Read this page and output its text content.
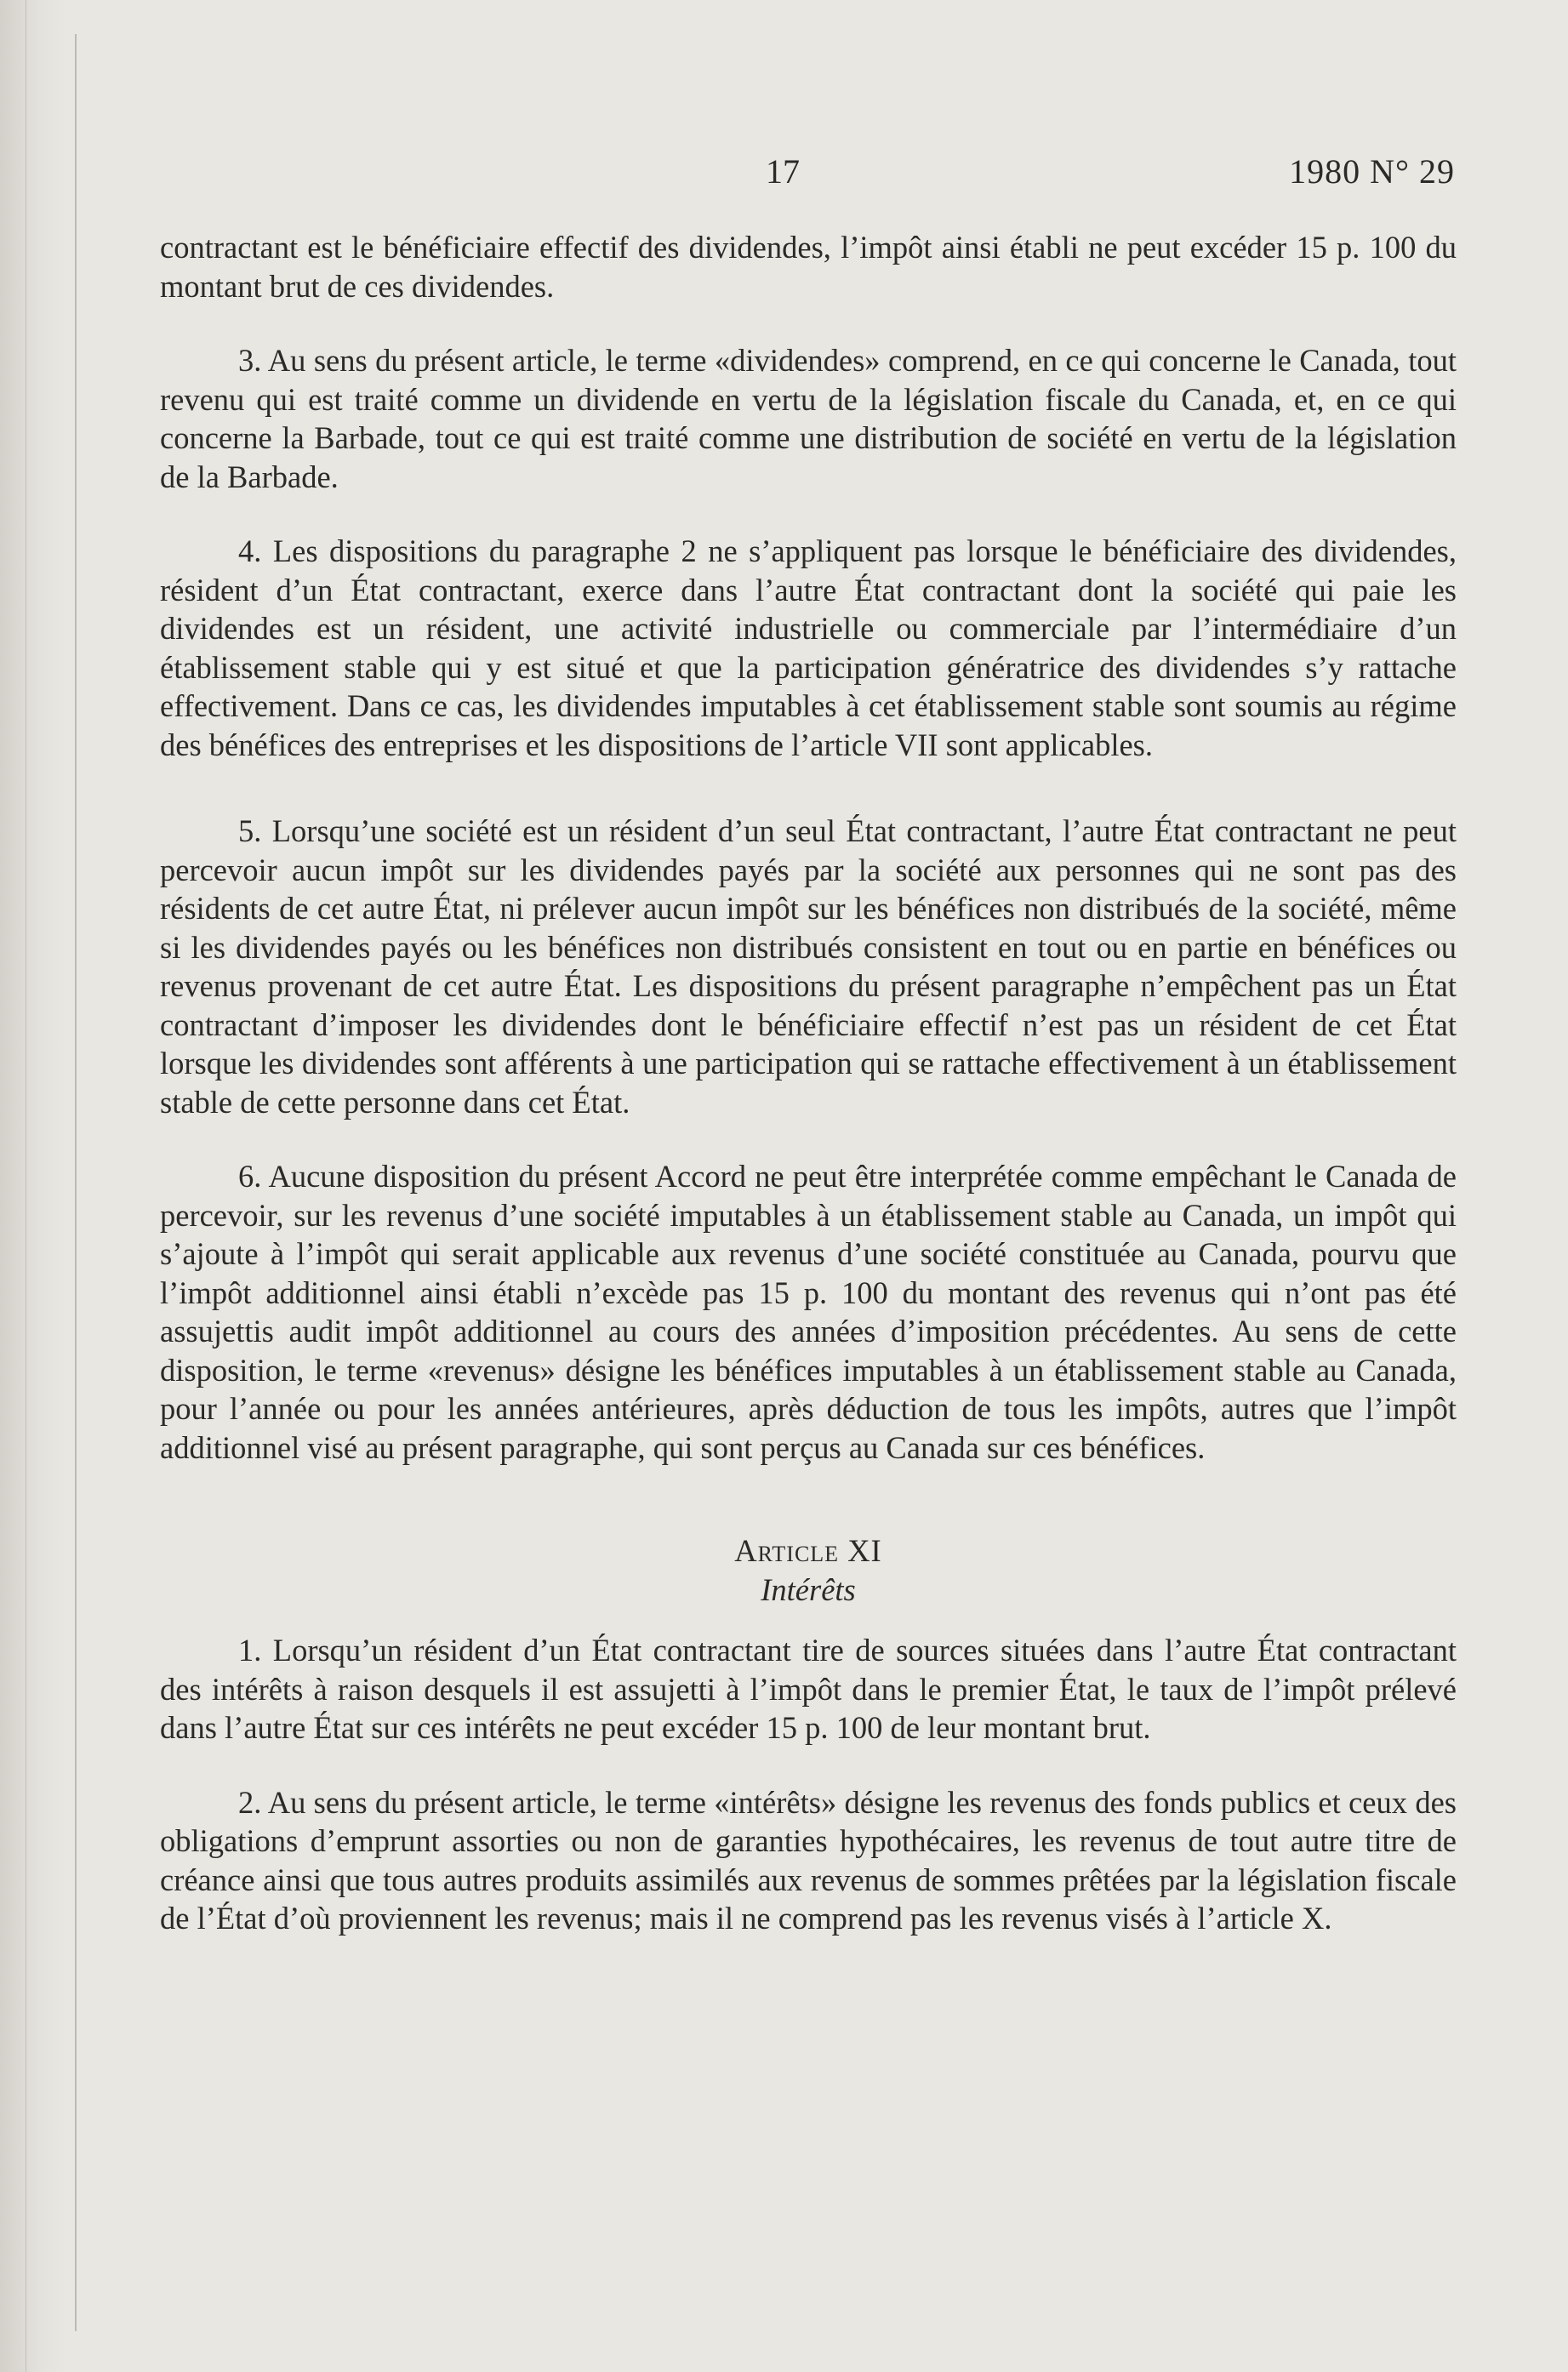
17	1980 N° 29

contractant est le bénéficiaire effectif des dividendes, l’impôt ainsi établi ne peut excéder 15 p. 100 du montant brut de ces dividendes.

3. Au sens du présent article, le terme «dividendes» comprend, en ce qui concerne le Canada, tout revenu qui est traité comme un dividende en vertu de la législation fiscale du Canada, et, en ce qui concerne la Barbade, tout ce qui est traité comme une distribution de société en vertu de la législation de la Barbade.

4. Les dispositions du paragraphe 2 ne s’appliquent pas lorsque le bénéficiaire des dividendes, résident d’un État contractant, exerce dans l’autre État contractant dont la société qui paie les dividendes est un résident, une activité industrielle ou commerciale par l’intermédiaire d’un établissement stable qui y est situé et que la participation génératrice des dividendes s’y rattache effectivement. Dans ce cas, les dividendes imputables à cet établissement stable sont soumis au régime des bénéfices des entreprises et les dispositions de l’article VII sont applicables.

5. Lorsqu’une société est un résident d’un seul État contractant, l’autre État contractant ne peut percevoir aucun impôt sur les dividendes payés par la société aux personnes qui ne sont pas des résidents de cet autre État, ni prélever aucun impôt sur les bénéfices non distribués de la société, même si les dividendes payés ou les bénéfices non distribués consistent en tout ou en partie en bénéfices ou revenus provenant de cet autre État. Les dispositions du présent paragraphe n’empêchent pas un État contractant d’imposer les dividendes dont le bénéficiaire effectif n’est pas un résident de cet État lorsque les dividendes sont afférents à une participation qui se rattache effectivement à un établissement stable de cette personne dans cet État.

6. Aucune disposition du présent Accord ne peut être interprétée comme empêchant le Canada de percevoir, sur les revenus d’une société imputables à un établissement stable au Canada, un impôt qui s’ajoute à l’impôt qui serait applicable aux revenus d’une société constituée au Canada, pourvu que l’impôt additionnel ainsi établi n’excède pas 15 p. 100 du montant des revenus qui n’ont pas été assujettis audit impôt additionnel au cours des années d’imposition précédentes. Au sens de cette disposition, le terme «revenus» désigne les bénéfices imputables à un établissement stable au Canada, pour l’année ou pour les années antérieures, après déduction de tous les impôts, autres que l’impôt additionnel visé au présent paragraphe, qui sont perçus au Canada sur ces bénéfices.

Article XI
Intérêts

1. Lorsqu’un résident d’un État contractant tire de sources situées dans l’autre État contractant des intérêts à raison desquels il est assujetti à l’impôt dans le premier État, le taux de l’impôt prélevé dans l’autre État sur ces intérêts ne peut excéder 15 p. 100 de leur montant brut.

2. Au sens du présent article, le terme «intérêts» désigne les revenus des fonds publics et ceux des obligations d’emprunt assorties ou non de garanties hypothécaires, les revenus de tout autre titre de créance ainsi que tous autres produits assimilés aux revenus de sommes prêtées par la législation fiscale de l’État d’où proviennent les revenus; mais il ne comprend pas les revenus visés à l’article X.
